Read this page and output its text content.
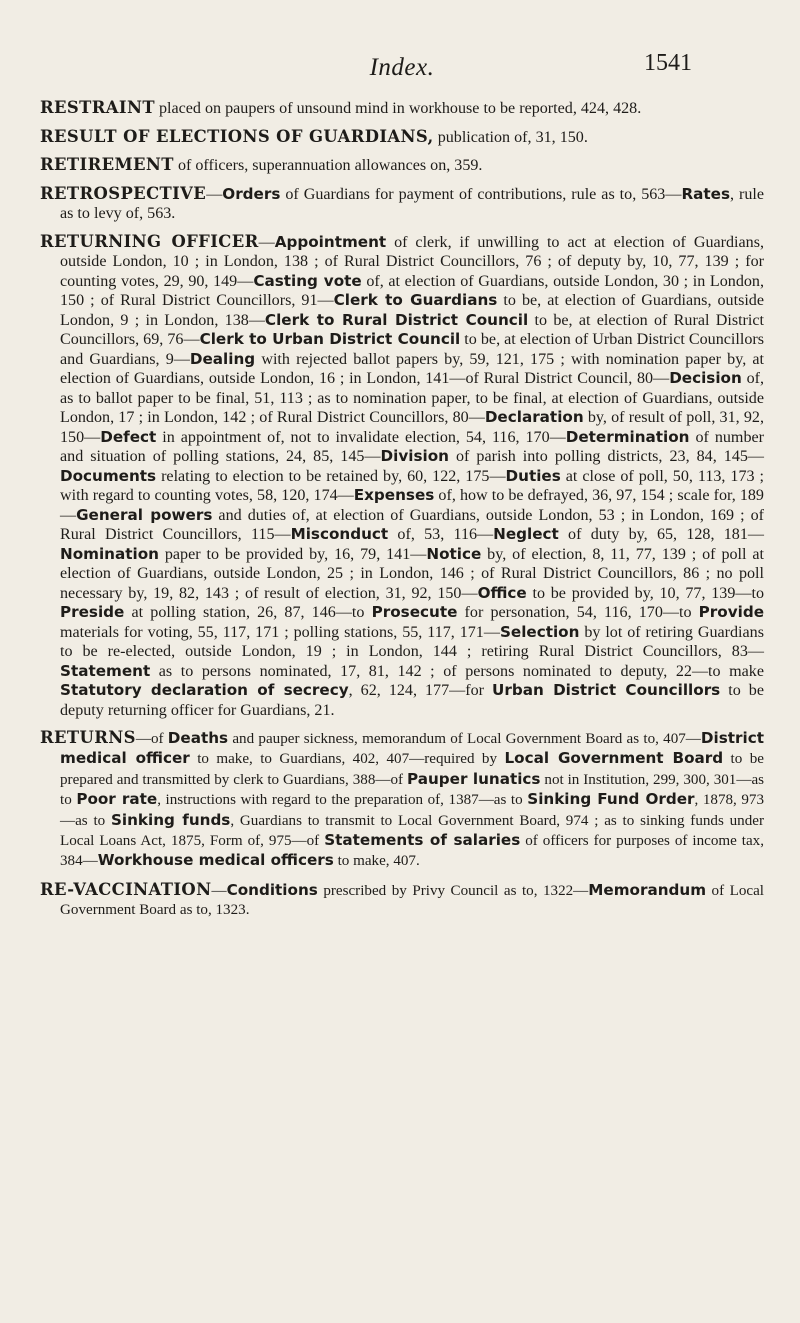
Index.	1541

RESTRAINT placed on paupers of unsound mind in workhouse to be reported, 424, 428.

RESULT OF ELECTIONS OF GUARDIANS, publication of, 31, 150.

RETIREMENT of officers, superannuation allowances on, 359.

RETROSPECTIVE—Orders of Guardians for payment of contributions, rule as to, 563—Rates, rule as to levy of, 563.

RETURNING OFFICER—Appointment of clerk, if unwilling to act at election of Guardians, outside London, 10 ; in London, 138 ; of Rural District Councillors, 76 ; of deputy by, 10, 77, 139 ; for counting votes, 29, 90, 149—Casting vote of, at election of Guardians, outside London, 30 ; in London, 150 ; of Rural District Councillors, 91—Clerk to Guardians to be, at election of Guardians, outside London, 9 ; in London, 138—Clerk to Rural District Council to be, at election of Rural District Councillors, 69, 76—Clerk to Urban District Council to be, at election of Urban District Councillors and Guardians, 9—Dealing with rejected ballot papers by, 59, 121, 175 ; with nomination paper by, at election of Guardians, outside London, 16 ; in London, 141—of Rural District Council, 80—Decision of, as to ballot paper to be final, 51, 113 ; as to nomination paper, to be final, at election of Guardians, outside London, 17 ; in London, 142 ; of Rural District Councillors, 80—Declaration by, of result of poll, 31, 92, 150—Defect in appointment of, not to invalidate election, 54, 116, 170—Determination of number and situation of polling stations, 24, 85, 145—Division of parish into polling districts, 23, 84, 145—Documents relating to election to be retained by, 60, 122, 175—Duties at close of poll, 50, 113, 173 ; with regard to counting votes, 58, 120, 174—Expenses of, how to be defrayed, 36, 97, 154 ; scale for, 189—General powers and duties of, at election of Guardians, outside London, 53 ; in London, 169 ; of Rural District Councillors, 115—Misconduct of, 53, 116—Neglect of duty by, 65, 128, 181—Nomination paper to be provided by, 16, 79, 141—Notice by, of election, 8, 11, 77, 139 ; of poll at election of Guardians, outside London, 25 ; in London, 146 ; of Rural District Councillors, 86 ; no poll necessary by, 19, 82, 143 ; of result of election, 31, 92, 150—Office to be provided by, 10, 77, 139—to Preside at polling station, 26, 87, 146—to Prosecute for personation, 54, 116, 170—to Provide materials for voting, 55, 117, 171 ; polling stations, 55, 117, 171—Selection by lot of retiring Guardians to be re-elected, outside London, 19 ; in London, 144 ; retiring Rural District Councillors, 83—Statement as to persons nominated, 17, 81, 142 ; of persons nominated to deputy, 22—to make Statutory declaration of secrecy, 62, 124, 177—for Urban District Councillors to be deputy returning officer for Guardians, 21.

RETURNS—of Deaths and pauper sickness, memorandum of Local Government Board as to, 407—District medical officer to make, to Guardians, 402, 407—required by Local Government Board to be prepared and transmitted by clerk to Guardians, 388—of Pauper lunatics not in Institution, 299, 300, 301—as to Poor rate, instructions with regard to the preparation of, 1387—as to Sinking Fund Order, 1878, 973—as to Sinking funds, Guardians to transmit to Local Government Board, 974 ; as to sinking funds under Local Loans Act, 1875, Form of, 975—of Statements of salaries of officers for purposes of income tax, 384—Workhouse medical officers to make, 407.

RE-VACCINATION—Conditions prescribed by Privy Council as to, 1322—Memorandum of Local Government Board as to, 1323.
